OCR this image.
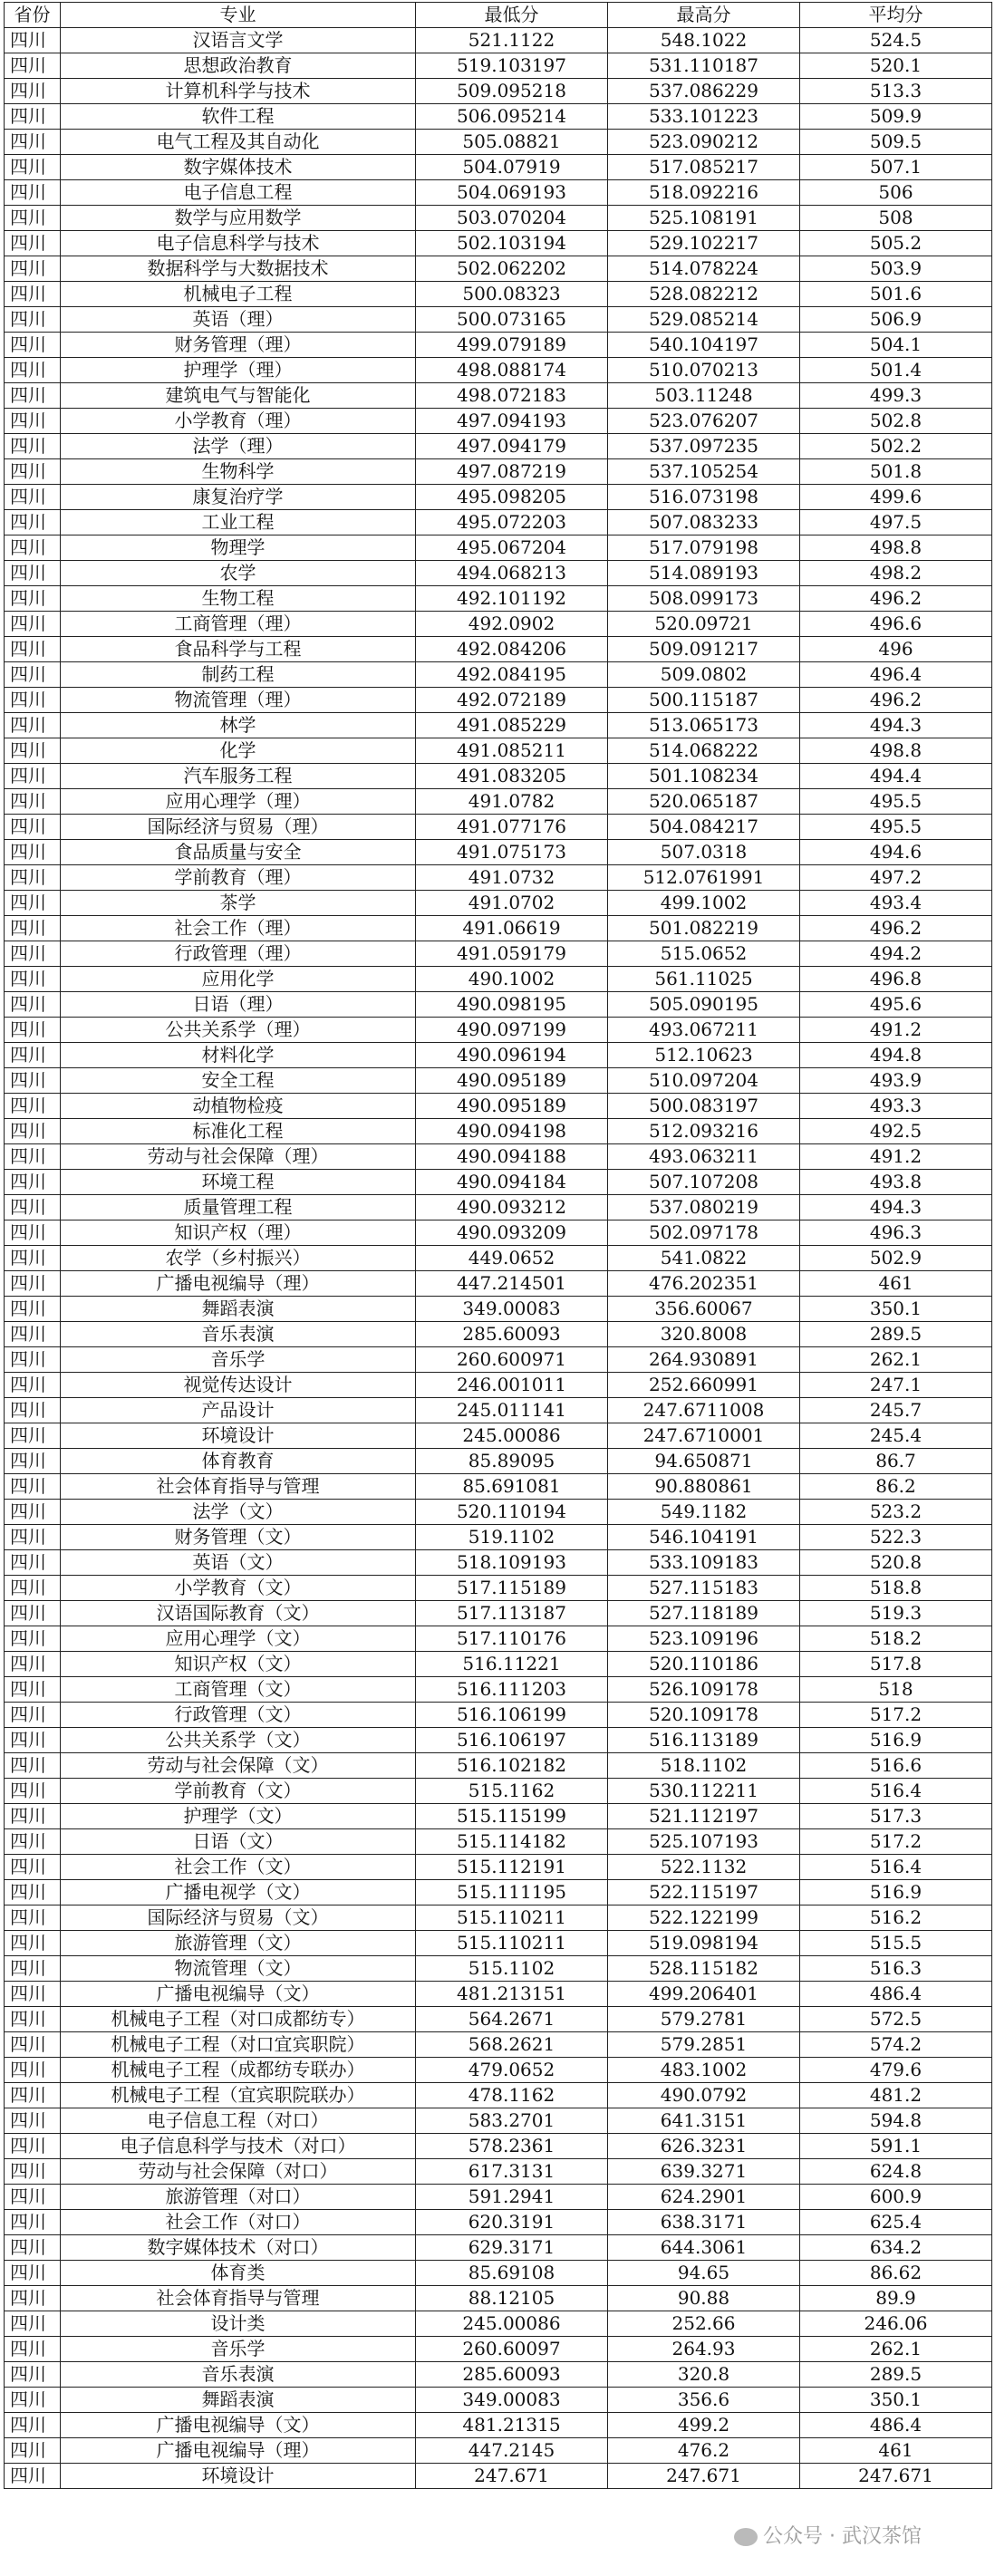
省份	专业	最低分	最高分	平均分
四川	汉语言文学	521.1122	548.1022	524.5
四川	思想政治教育	519.103197	531.110187	520.1
四川	计算机科学与技术	509.095218	537.086229	513.3
四川	软件工程	506.095214	533.101223	509.9
四川	电气工程及其自动化	505.08821	523.090212	509.5
四川	数字媒体技术	504.07919	517.085217	507.1
四川	电子信息工程	504.069193	518.092216	506
四川	数学与应用数学	503.070204	525.108191	508
四川	电子信息科学与技术	502.103194	529.102217	505.2
四川	数据科学与大数据技术	502.062202	514.078224	503.9
四川	机械电子工程	500.08323	528.082212	501.6
四川	英语（理）	500.073165	529.085214	506.9
四川	财务管理（理）	499.079189	540.104197	504.1
四川	护理学（理）	498.088174	510.070213	501.4
四川	建筑电气与智能化	498.072183	503.11248	499.3
四川	小学教育（理）	497.094193	523.076207	502.8
四川	法学（理）	497.094179	537.097235	502.2
四川	生物科学	497.087219	537.105254	501.8
四川	康复治疗学	495.098205	516.073198	499.6
四川	工业工程	495.072203	507.083233	497.5
四川	物理学	495.067204	517.079198	498.8
四川	农学	494.068213	514.089193	498.2
四川	生物工程	492.101192	508.099173	496.2
四川	工商管理（理）	492.0902	520.09721	496.6
四川	食品科学与工程	492.084206	509.091217	496
四川	制药工程	492.084195	509.0802	496.4
四川	物流管理（理）	492.072189	500.115187	496.2
四川	林学	491.085229	513.065173	494.3
四川	化学	491.085211	514.068222	498.8
四川	汽车服务工程	491.083205	501.108234	494.4
四川	应用心理学（理）	491.0782	520.065187	495.5
四川	国际经济与贸易（理）	491.077176	504.084217	495.5
四川	食品质量与安全	491.075173	507.0318	494.6
四川	学前教育（理）	491.0732	512.0761991	497.2
四川	茶学	491.0702	499.1002	493.4
四川	社会工作（理）	491.06619	501.082219	496.2
四川	行政管理（理）	491.059179	515.0652	494.2
四川	应用化学	490.1002	561.11025	496.8
四川	日语（理）	490.098195	505.090195	495.6
四川	公共关系学（理）	490.097199	493.067211	491.2
四川	材料化学	490.096194	512.10623	494.8
四川	安全工程	490.095189	510.097204	493.9
四川	动植物检疫	490.095189	500.083197	493.3
四川	标准化工程	490.094198	512.093216	492.5
四川	劳动与社会保障（理）	490.094188	493.063211	491.2
四川	环境工程	490.094184	507.107208	493.8
四川	质量管理工程	490.093212	537.080219	494.3
四川	知识产权（理）	490.093209	502.097178	496.3
四川	农学（乡村振兴）	449.0652	541.0822	502.9
四川	广播电视编导（理）	447.214501	476.202351	461
四川	舞蹈表演	349.00083	356.60067	350.1
四川	音乐表演	285.60093	320.8008	289.5
四川	音乐学	260.600971	264.930891	262.1
四川	视觉传达设计	246.001011	252.660991	247.1
四川	产品设计	245.011141	247.6711008	245.7
四川	环境设计	245.00086	247.6710001	245.4
四川	体育教育	85.89095	94.650871	86.7
四川	社会体育指导与管理	85.691081	90.880861	86.2
四川	法学（文）	520.110194	549.1182	523.2
四川	财务管理（文）	519.1102	546.104191	522.3
四川	英语（文）	518.109193	533.109183	520.8
四川	小学教育（文）	517.115189	527.115183	518.8
四川	汉语国际教育（文）	517.113187	527.118189	519.3
四川	应用心理学（文）	517.110176	523.109196	518.2
四川	知识产权（文）	516.11221	520.110186	517.8
四川	工商管理（文）	516.111203	526.109178	518
四川	行政管理（文）	516.106199	520.109178	517.2
四川	公共关系学（文）	516.106197	516.113189	516.9
四川	劳动与社会保障（文）	516.102182	518.1102	516.6
四川	学前教育（文）	515.1162	530.112211	516.4
四川	护理学（文）	515.115199	521.112197	517.3
四川	日语（文）	515.114182	525.107193	517.2
四川	社会工作（文）	515.112191	522.1132	516.4
四川	广播电视学（文）	515.111195	522.115197	516.9
四川	国际经济与贸易（文）	515.110211	522.122199	516.2
四川	旅游管理（文）	515.110211	519.098194	515.5
四川	物流管理（文）	515.1102	528.115182	516.3
四川	广播电视编导（文）	481.213151	499.206401	486.4
四川	机械电子工程（对口成都纺专）	564.2671	579.2781	572.5
四川	机械电子工程（对口宜宾职院）	568.2621	579.2851	574.2
四川	机械电子工程（成都纺专联办）	479.0652	483.1002	479.6
四川	机械电子工程（宜宾职院联办）	478.1162	490.0792	481.2
四川	电子信息工程（对口）	583.2701	641.3151	594.8
四川	电子信息科学与技术（对口）	578.2361	626.3231	591.1
四川	劳动与社会保障（对口）	617.3131	639.3271	624.8
四川	旅游管理（对口）	591.2941	624.2901	600.9
四川	社会工作（对口）	620.3191	638.3171	625.4
四川	数字媒体技术（对口）	629.3171	644.3061	634.2
四川	体育类	85.69108	94.65	86.62
四川	社会体育指导与管理	88.12105	90.88	89.9
四川	设计类	245.00086	252.66	246.06
四川	音乐学	260.60097	264.93	262.1
四川	音乐表演	285.60093	320.8	289.5
四川	舞蹈表演	349.00083	356.6	350.1
四川	广播电视编导（文）	481.21315	499.2	486.4
四川	广播电视编导（理）	447.2145	476.2	461
四川	环境设计	247.671	247.671	247.671
公众号 · 武汉茶馆
